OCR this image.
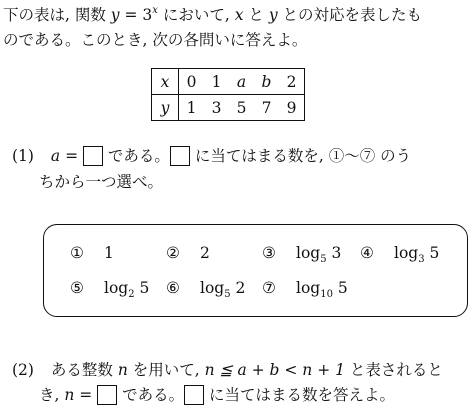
下の表は, 関数 $y = 3^x$ において, x と y との対応を表したも
のである。このとき, 次の各問いに答えよ。
x	0	1	a	b	2
y	1	3	5	7	9
(1) a =  である。 に当てはまる数を, ①～⑦ のう
ちから一つ選べ。
① 1	② 2	③ $\log_5 3$ ④ $\log_3 5$
⑤ $\log_2 5$ ⑥ $\log_5 2$ ⑦ $\log_{10} 5$
(2) ある整数 n を用いて, n ≦ a + b < n + 1 と表されると
き, n =  である。 に当てはまる数を答えよ。
